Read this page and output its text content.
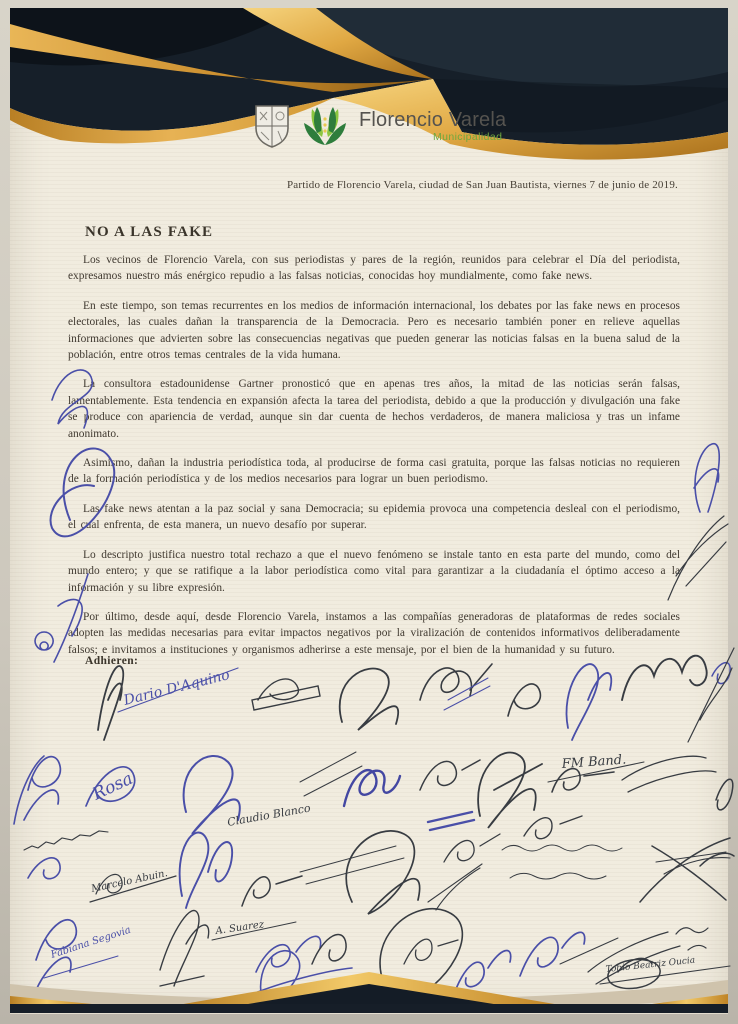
Florencio Varela
Municipalidad
Partido de Florencio Varela, ciudad de San Juan Bautista, viernes 7 de junio de 2019.
NO A LAS FAKE

Los vecinos de Florencio Varela, con sus periodistas y pares de la región, reunidos para celebrar el Día del periodista, expresamos nuestro más enérgico repudio a las falsas noticias, conocidas hoy mundialmente, como fake news.

En este tiempo, son temas recurrentes en los medios de información internacional, los debates por las fake news en procesos electorales, las cuales dañan la transparencia de la Democracia. Pero es necesario también poner en relieve aquellas informaciones que advierten sobre las consecuencias negativas que pueden generar las noticias falsas en la buena salud de la población, entre otros temas centrales de la vida humana.

La consultora estadounidense Gartner pronosticó que en apenas tres años, la mitad de las noticias serán falsas, lamentablemente. Esta tendencia en expansión afecta la tarea del periodista, debido a que la producción y divulgación una fake se produce con apariencia de verdad, aunque sin dar cuenta de hechos verdaderos, de manera maliciosa y tras un infame anonimato.

Asimismo, dañan la industria periodística toda, al producirse de forma casi gratuita, porque las falsas noticias no requieren de la formación periodística y de los medios necesarios para lograr un buen periodismo.

Las fake news atentan a la paz social y sana Democracia; su epidemia provoca una competencia desleal con el periodismo, el cual enfrenta, de esta manera, un nuevo desafío por superar.

Lo descripto justifica nuestro total rechazo a que el nuevo fenómeno se instale tanto en esta parte del mundo, como del mundo entero; y que se ratifique a la labor periodística como vital para garantizar a la ciudadanía el óptimo acceso a la información y su libre expresión.

Por último, desde aquí, desde Florencio Varela, instamos a las compañías generadoras de plataformas de redes sociales adopten las medidas necesarias para evitar impactos negativos por la viralización de contenidos informativos deliberadamente falsos; e invitamos a instituciones y organismos adherirse a este mensaje, por el bien de la humanidad y su futuro.

Adhieren:
Dario D'Aquino
Rosa
Claudio Blanco
FM Band.
Fabiana Segovia
Tobio Beatriz Oucia
A. Suarez
Marcelo Abuin.
